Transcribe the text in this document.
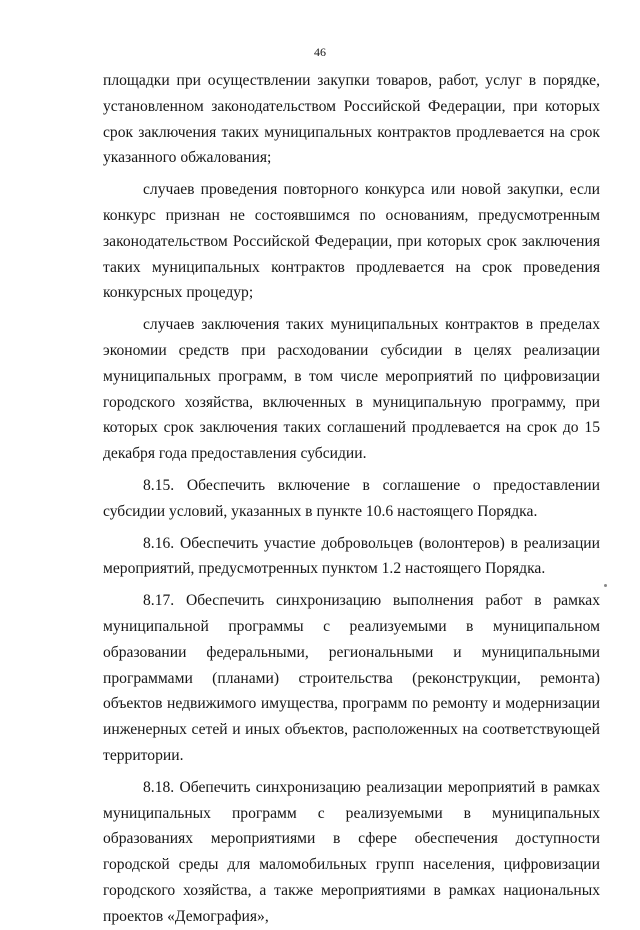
46

площадки при осуществлении закупки товаров, работ, услуг в порядке, установленном законодательством Российской Федерации, при которых срок заключения таких муниципальных контрактов продлевается на срок указанного обжалования;

случаев проведения повторного конкурса или новой закупки, если конкурс признан не состоявшимся по основаниям, предусмотренным законодательством Российской Федерации, при которых срок заключения таких муниципальных контрактов продлевается на срок проведения конкурсных процедур;

случаев заключения таких муниципальных контрактов в пределах экономии средств при расходовании субсидии в целях реализации муниципальных программ, в том числе мероприятий по цифровизации городского хозяйства, включенных в муниципальную программу, при которых срок заключения таких соглашений продлевается на срок до 15 декабря года предоставления субсидии.

8.15. Обеспечить включение в соглашение о предоставлении субсидии условий, указанных в пункте 10.6 настоящего Порядка.

8.16. Обеспечить участие добровольцев (волонтеров) в реализации мероприятий, предусмотренных пунктом 1.2 настоящего Порядка.

8.17. Обеспечить синхронизацию выполнения работ в рамках муниципальной программы с реализуемыми в муниципальном образовании федеральными, региональными и муниципальными программами (планами) строительства (реконструкции, ремонта) объектов недвижимого имущества, программ по ремонту и модернизации инженерных сетей и иных объектов, расположенных на соответствующей территории.

8.18. Обепечить синхронизацию реализации мероприятий в рамках муниципальных программ с реализуемыми в муниципальных образованиях мероприятиями в сфере обеспечения доступности городской среды для маломобильных групп населения, цифровизации городского хозяйства, а также мероприятиями в рамках национальных проектов «Демография»,
